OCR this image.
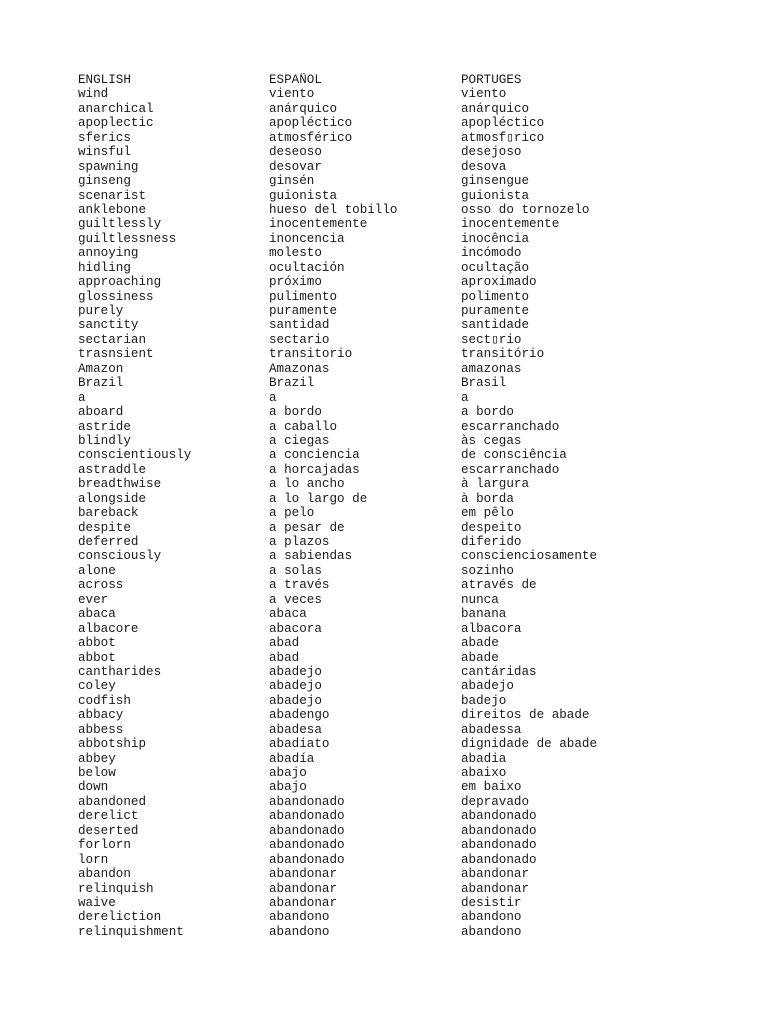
ENGLISH	ESPAÑOL	PORTUGES
wind	viento	viento
anarchical	anárquico	anárquico
apoplectic	apopléctico	apopléctico
sferics	atmosférico	atmosf▯rico
winsful	deseoso	desejoso
spawning	desovar	desova
ginseng	ginsén	ginsengue
scenarist	guionista	guionista
anklebone	hueso del tobillo	osso do tornozelo
guiltlessly	inocentemente	inocentemente
guiltlessness	inoncencia	inocência
annoying	molesto	incómodo
hidling	ocultación	ocultação
approaching	próximo	aproximado
glossiness	pulimento	polimento
purely	puramente	puramente
sanctity	santidad	santidade
sectarian	sectario	sect▯rio
trasnsient	transitorio	transitório
Amazon	Amazonas	amazonas
Brazil	Brazil	Brasil
a	a	a
aboard	a bordo	a bordo
astride	a caballo	escarranchado
blindly	a ciegas	às cegas
conscientiously	a conciencia	de consciência
astraddle	a horcajadas	escarranchado
breadthwise	a lo ancho	à largura
alongside	a lo largo de	à borda
bareback	a pelo	em pêlo
despite	a pesar de	despeito
deferred	a plazos	diferido
consciously	a sabiendas	conscienciosamente
alone	a solas	sozinho
across	a través	através de
ever	a veces	nunca
abaca	abaca	banana
albacore	abacora	albacora
abbot	abad	abade
abbot	abad	abade
cantharides	abadejo	cantáridas
coley	abadejo	abadejo
codfish	abadejo	badejo
abbacy	abadengo	direitos de abade
abbess	abadesa	abadessa
abbotship	abadiato	dignidade de abade
abbey	abadía	abadia
below	abajo	abaixo
down	abajo	em baixo
abandoned	abandonado	depravado
derelict	abandonado	abandonado
deserted	abandonado	abandonado
forlorn	abandonado	abandonado
lorn	abandonado	abandonado
abandon	abandonar	abandonar
relinquish	abandonar	abandonar
waive	abandonar	desistir
dereliction	abandono	abandono
relinquishment	abandono	abandono
